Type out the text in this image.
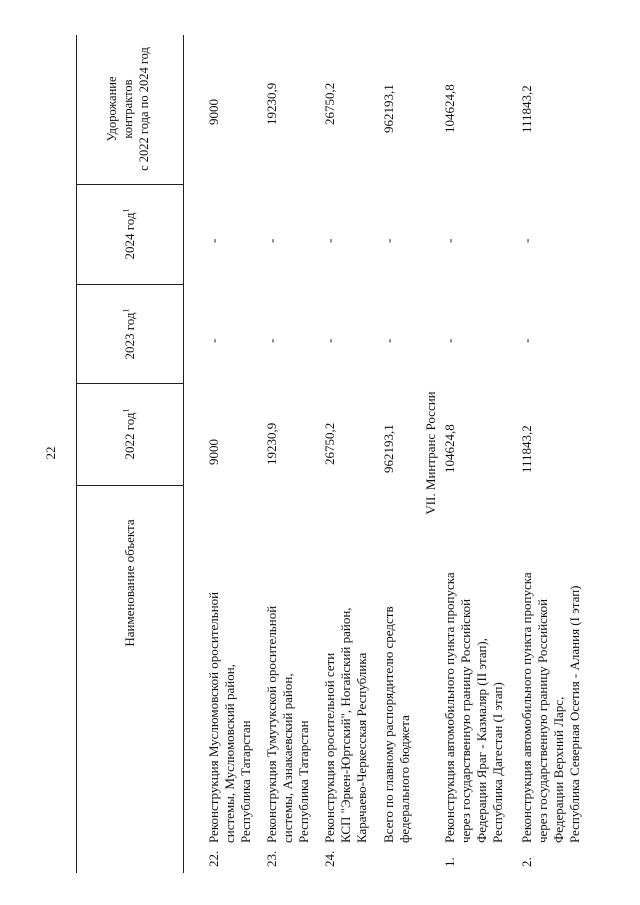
22
Наименование объекта
2022 год$^1$
2023 год$^1$
2024 год$^1$
Удорожание
контрактов
с 2022 года по 2024 год
22.
Реконструкция Муслюмовской оросительной
системы, Муслюмовский район,
Республика Татарстан
9000
-
-
9000
23.
Реконструкция Тумутукской оросительной
системы, Азнакаевский район,
Республика Татарстан
19230,9
-
-
19230,9
24.
Реконструкция оросительной сети
КСП "Эркен-Юртский", Ногайский район,
Карачаево-Черкесская Республика
26750,2
-
-
26750,2
Всего по главному распорядителю средств
федерального бюджета
962193,1
-
-
962193,1
VII. Минтранс России
1.
Реконструкция автомобильного пункта пропуска
через государственную границу Российской
Федерации Яраг - Казмаляр (II этап),
Республика Дагестан (I этап)
104624,8
-
-
104624,8
2.
Реконструкция автомобильного пункта пропуска
через государственную границу Российской
Федерации Верхний Ларс,
Республика Северная Осетия - Алания (I этап)
111843,2
-
-
111843,2
